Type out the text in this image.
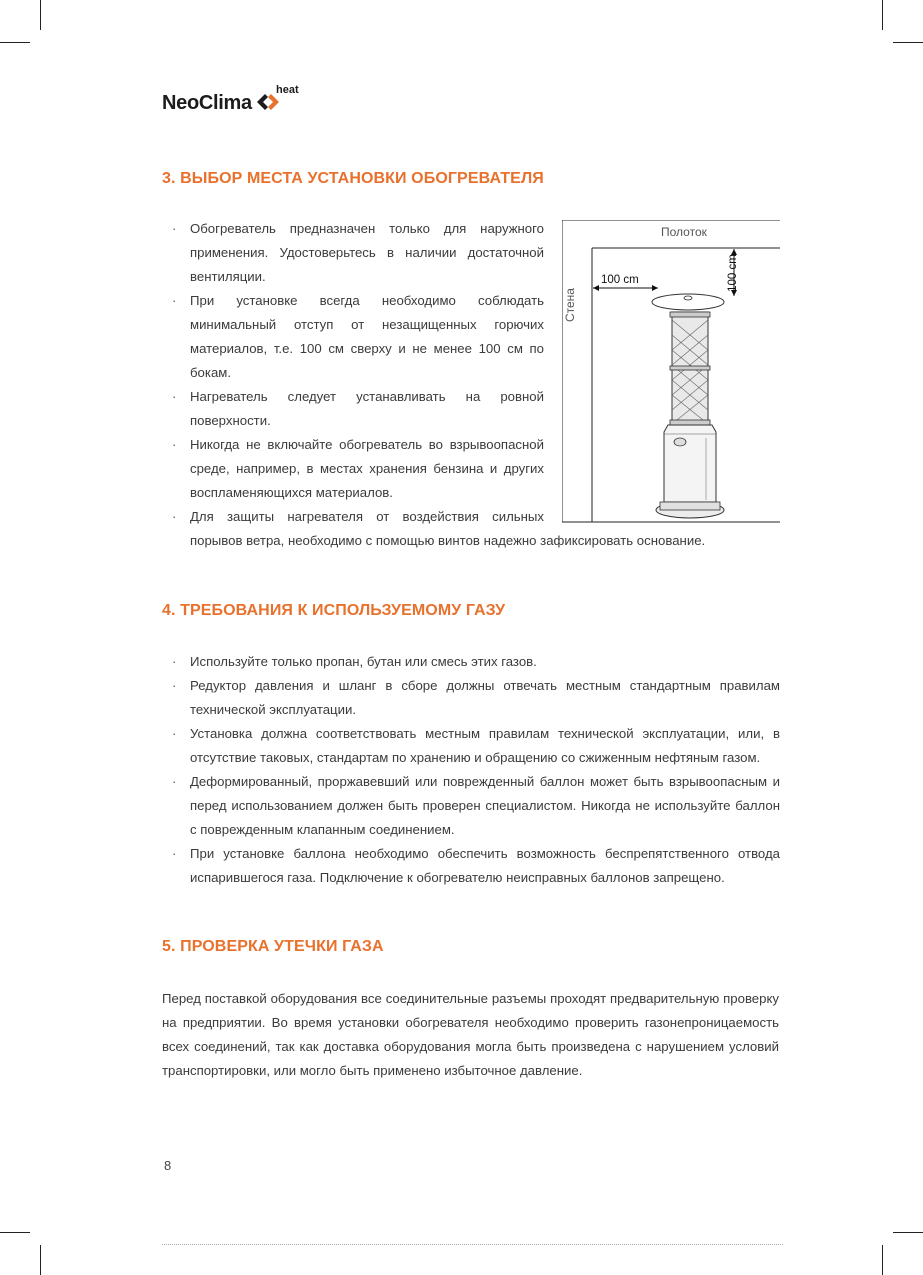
NeoClima
heat
3. ВЫБОР МЕСТА УСТАНОВКИ ОБОГРЕВАТЕЛЯ
· Обогреватель предназначен только для наружного применения. Удостоверьтесь в наличии достаточной вентиляции.
· При установке всегда необходимо соблюдать минимальный отступ от незащищенных горючих материалов, т.е. 100 см сверху и не менее 100 см по бокам.
· Нагреватель следует устанавливать на ровной поверхности.
· Никогда не включайте обогреватель во взрывоопасной среде, например, в местах хранения бензина и других воспламеняющихся материалов.
· Для защиты нагревателя от воздействия сильных
порывов ветра, необходимо с помощью винтов надежно зафиксировать основание.
Полоток
Стена
100 cm	100 cm
4. ТРЕБОВАНИЯ К ИСПОЛЬЗУЕМОМУ ГАЗУ
· Используйте только пропан, бутан или смесь этих газов.
· Редуктор давления и шланг в сборе должны отвечать местным стандартным правилам технической эксплуатации.
· Установка должна соответствовать местным правилам технической эксплуатации, или, в отсутствие таковых, стандартам по хранению и обращению со сжиженным нефтяным газом.
· Деформированный, проржавевший или поврежденный баллон может быть взрывоопасным и перед использованием должен быть проверен специалистом. Никогда не используйте баллон с поврежденным клапанным соединением.
· При установке баллона необходимо обеспечить возможность беспрепятственного отвода испарившегося газа. Подключение к обогревателю неисправных баллонов запрещено.
5. ПРОВЕРКА УТЕЧКИ ГАЗА
Перед поставкой оборудования все соединительные разъемы проходят предварительную проверку на предприятии. Во время установки обогревателя необходимо проверить газонепроницаемость всех соединений, так как доставка оборудования могла быть произведена с нарушением условий транспортировки, или могло быть применено избыточное давление.
8
